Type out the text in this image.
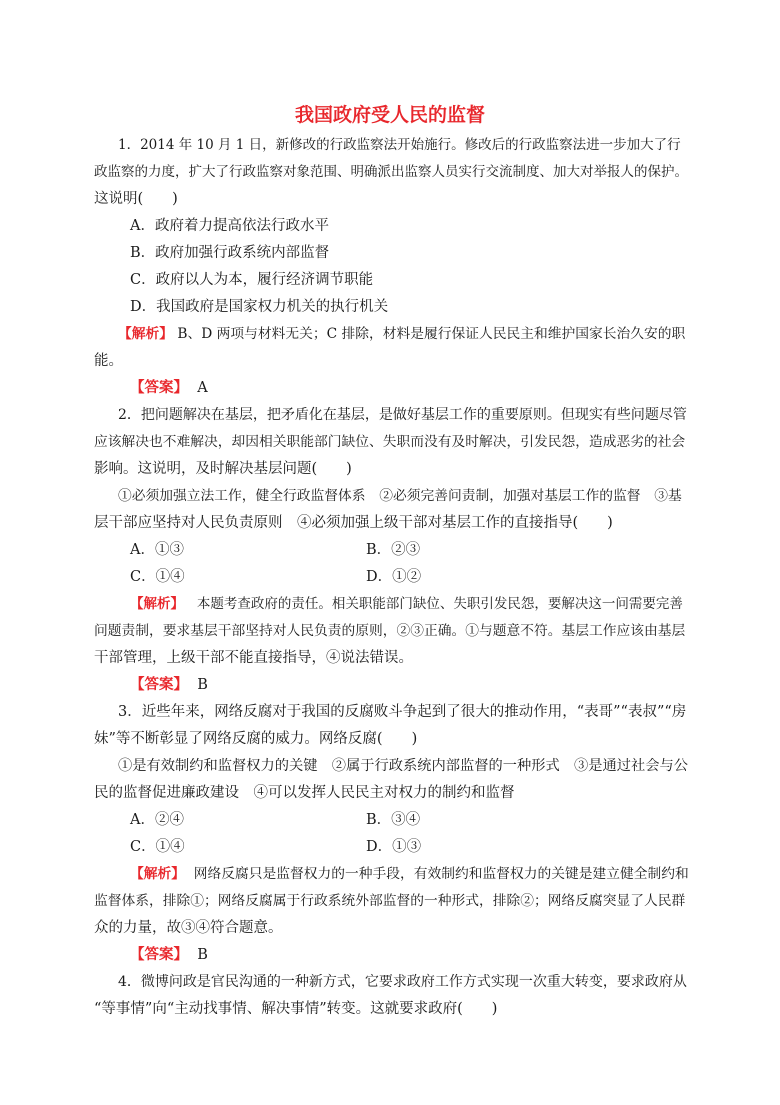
我国政府受人民的监督
1．2014 年 10 月 1 日，新修改的行政监察法开始施行。修改后的行政监察法进一步加大了行
政监察的力度，扩大了行政监察对象范围、明确派出监察人员实行交流制度、加大对举报人的保护。
这说明(　　)
A．政府着力提高依法行政水平
B．政府加强行政系统内部监督
C．政府以人为本，履行经济调节职能
D．我国政府是国家权力机关的执行机关
【解析】 B、D 两项与材料无关；C 排除，材料是履行保证人民民主和维护国家长治久安的职
能。
【答案】 A
2．把问题解决在基层，把矛盾化在基层，是做好基层工作的重要原则。但现实有些问题尽管
应该解决也不难解决，却因相关职能部门缺位、失职而没有及时解决，引发民怨，造成恶劣的社会
影响。这说明，及时解决基层问题(　　)
①必须加强立法工作，健全行政监督体系　②必须完善问责制，加强对基层工作的监督　③基
层干部应坚持对人民负责原则　④必须加强上级干部对基层工作的直接指导(　　)
A．①③	B．②③
C．①④	D．①②
【解析】 本题考查政府的责任。相关职能部门缺位、失职引发民怨，要解决这一问需要完善
问题责制，要求基层干部坚持对人民负责的原则，②③正确。①与题意不符。基层工作应该由基层
干部管理，上级干部不能直接指导，④说法错误。
【答案】 B
3．近些年来，网络反腐对于我国的反腐败斗争起到了很大的推动作用，“表哥”“表叔”“房
妹”等不断彰显了网络反腐的威力。网络反腐(　　)
①是有效制约和监督权力的关键　②属于行政系统内部监督的一种形式　③是通过社会与公
民的监督促进廉政建设　④可以发挥人民民主对权力的制约和监督
A．②④	B．③④
C．①④	D．①③
【解析】 网络反腐只是监督权力的一种手段，有效制约和监督权力的关键是建立健全制约和
监督体系，排除①；网络反腐属于行政系统外部监督的一种形式，排除②；网络反腐突显了人民群
众的力量，故③④符合题意。
【答案】 B
4．微博问政是官民沟通的一种新方式，它要求政府工作方式实现一次重大转变，要求政府从
“等事情”向“主动找事情、解决事情”转变。这就要求政府(　　)
